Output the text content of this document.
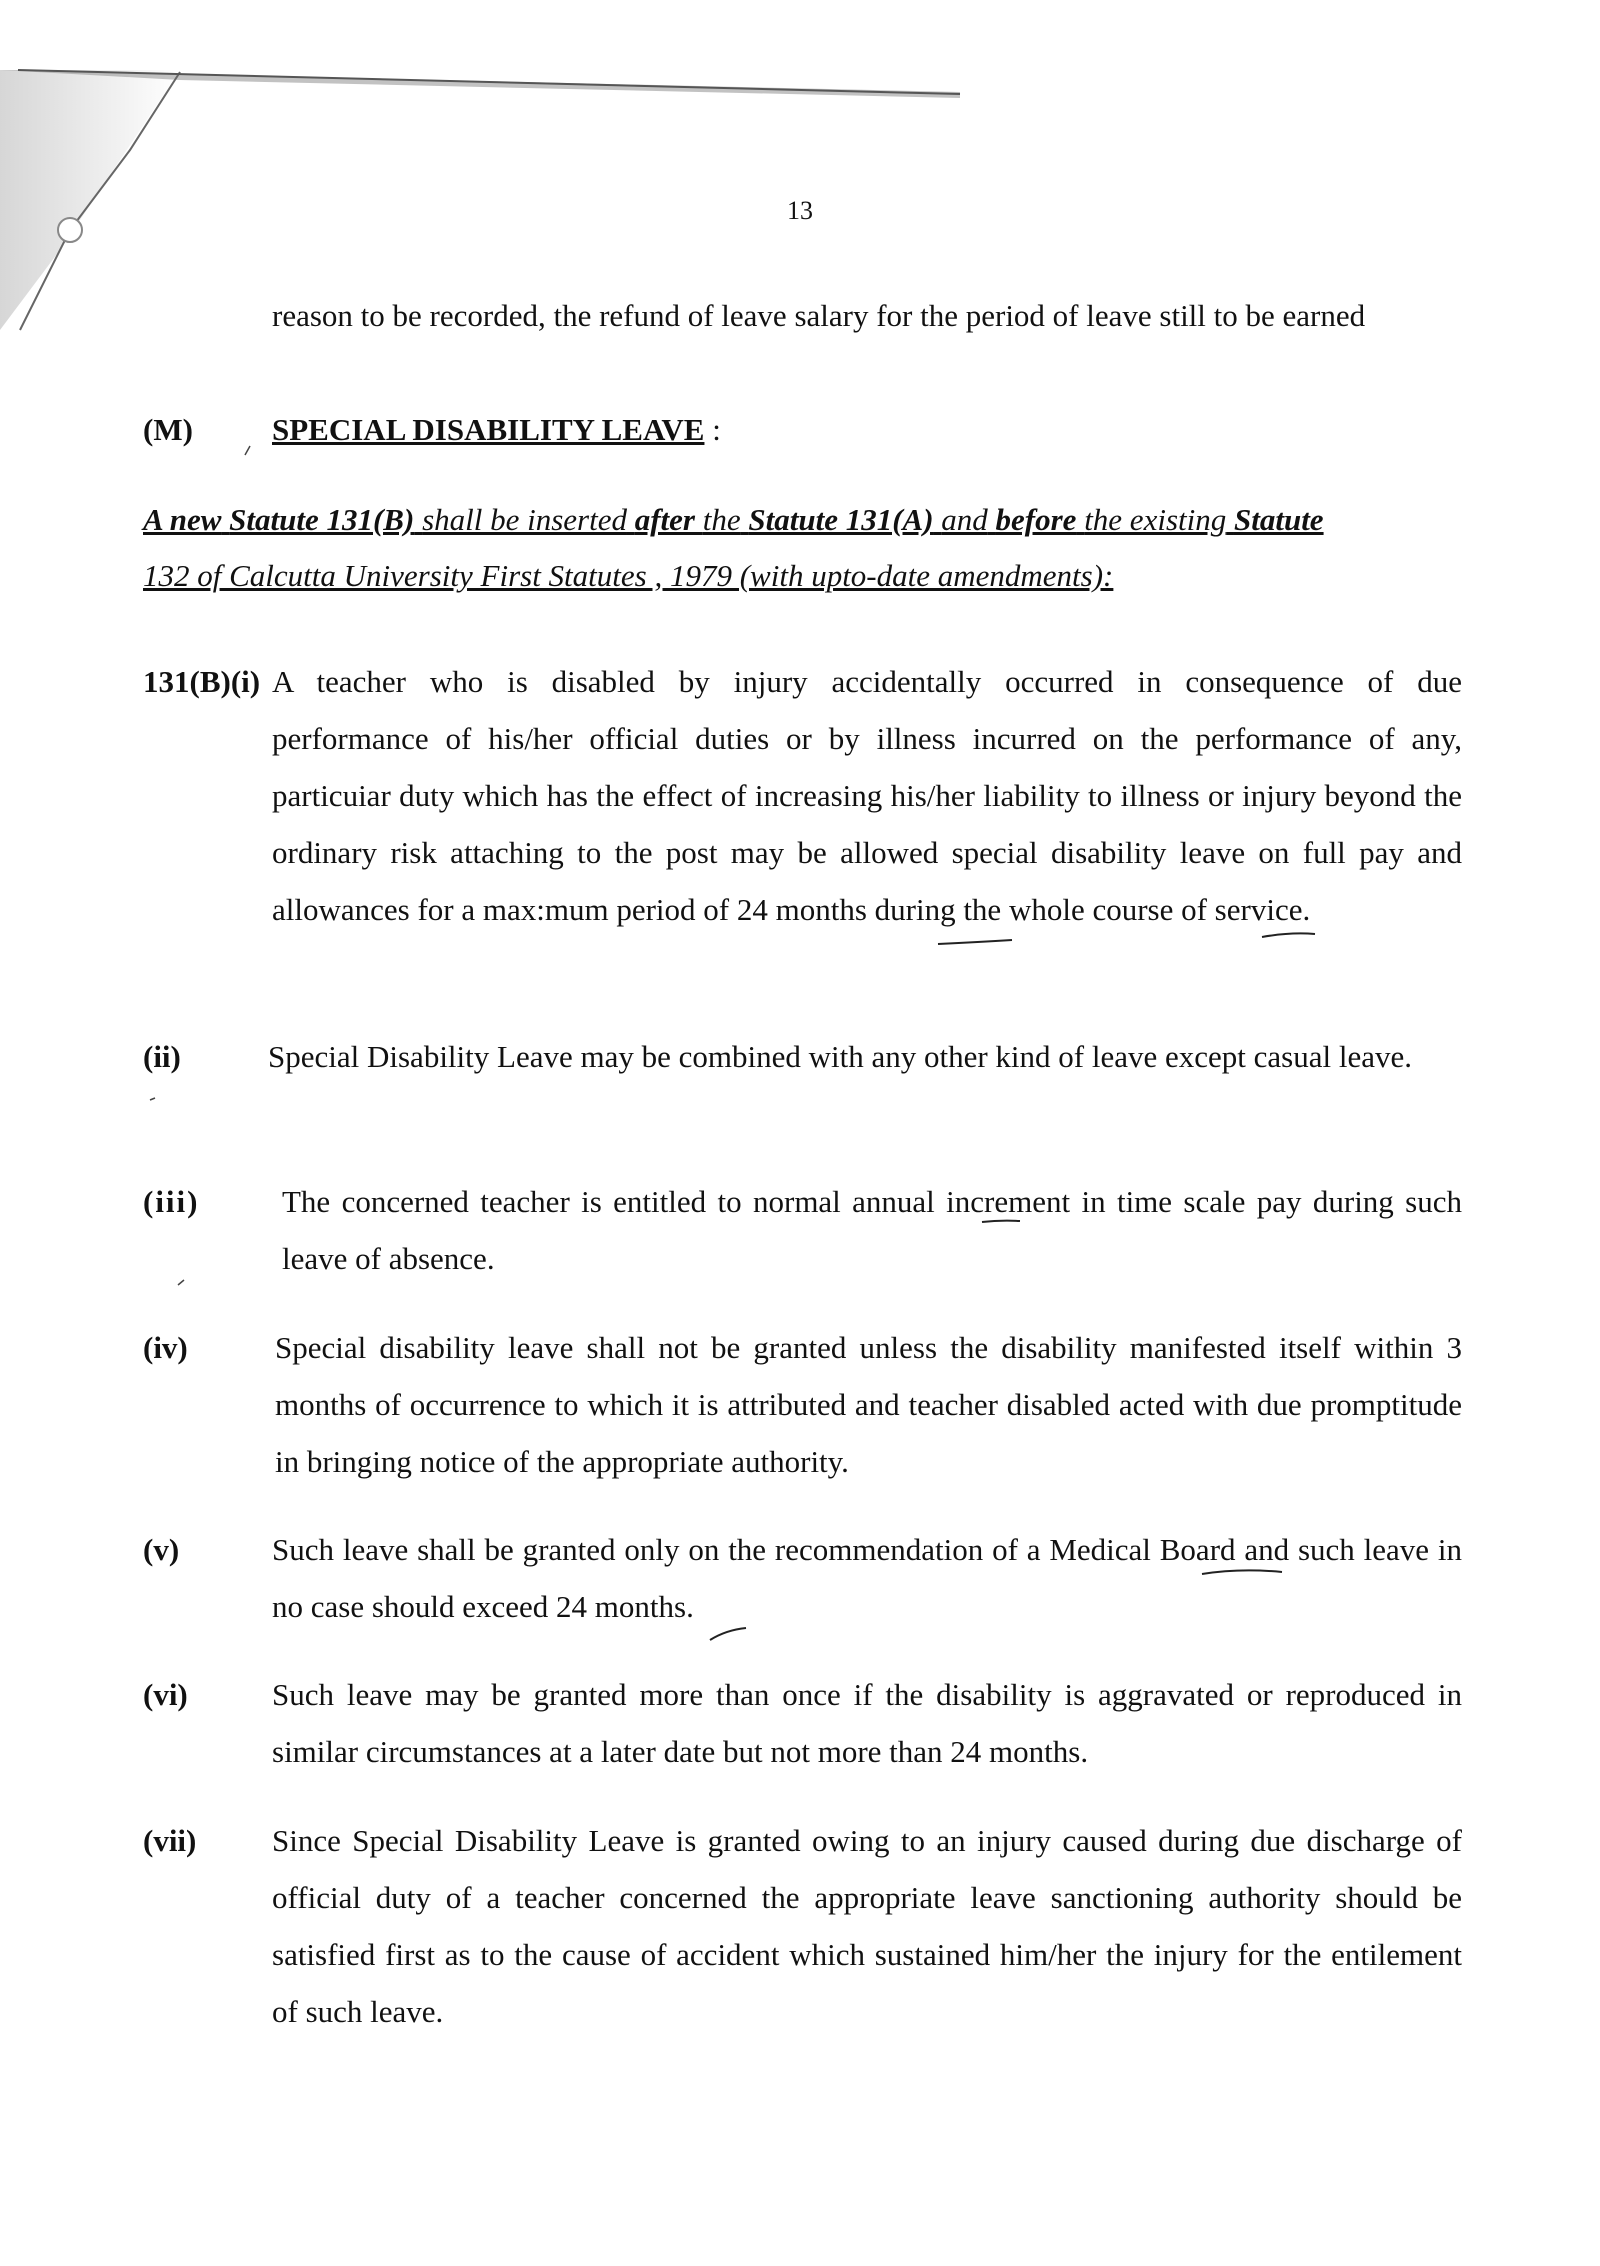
13
reason to be recorded, the refund of leave salary for the period of leave still to be earned
(M)	SPECIAL DISABILITY LEAVE :
A new Statute 131(B) shall be inserted after the Statute 131(A) and before the existing Statute
132 of Calcutta University First Statutes , 1979 (with upto-date amendments):
131(B)(i) A teacher who is disabled by injury accidentally occurred in consequence of due
performance of his/her official duties or by illness incurred on the performance of any, particuiar duty which has the effect of increasing his/her liability to illness or injury beyond the ordinary risk attaching to the post may be allowed special disability leave on full pay and allowances for a max:mum period of 24 months during the whole course of service.
(ii)	Special Disability Leave may be combined with any other kind of leave except casual leave.
(iii)	The concerned teacher is entitled to normal annual increment in time scale pay during such leave of absence.
(iv)	Special disability leave shall not be granted unless the disability manifested itself within 3 months of occurrence to which it is attributed and teacher disabled acted with due promptitude in bringing notice of the appropriate authority.
(v)	Such leave shall be granted only on the recommendation of a Medical Board and such leave in no case should exceed 24 months.
(vi)	Such leave may be granted more than once if the disability is aggravated or reproduced in similar circumstances at a later date but not more than 24 months.
(vii) Since Special Disability Leave is granted owing to an injury caused during due discharge of official duty of a teacher concerned the appropriate leave sanctioning authority should be satisfied first as to the cause of accident which sustained him/her the injury for the entilement of such leave.
